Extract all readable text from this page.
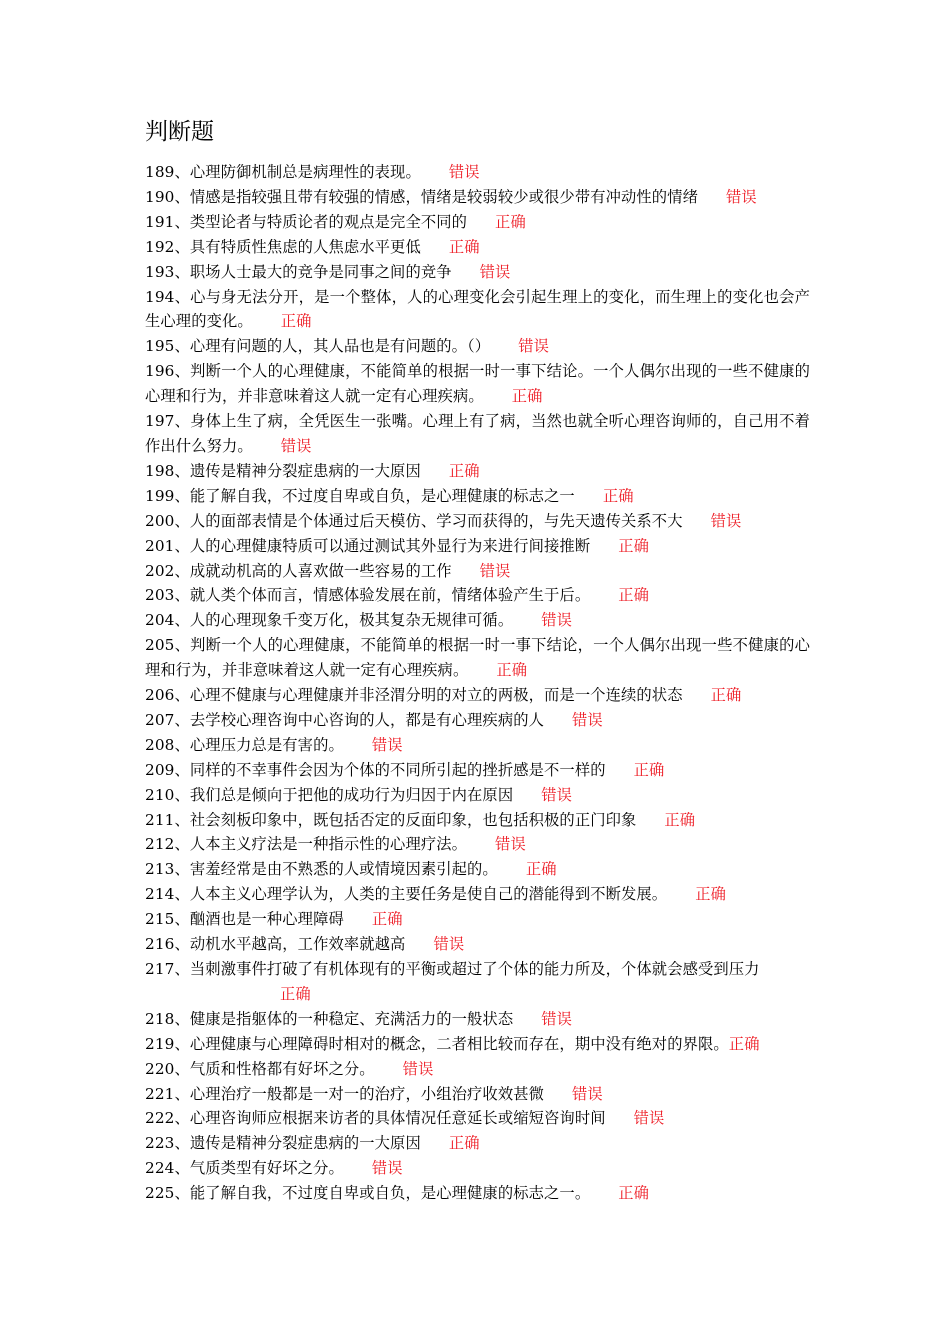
判断题
189、心理防御机制总是病理性的表现。 错误
190、情感是指较强且带有较强的情感，情绪是较弱较少或很少带有冲动性的情绪 错误
191、类型论者与特质论者的观点是完全不同的 正确
192、具有特质性焦虑的人焦虑水平更低 正确
193、职场人士最大的竞争是同事之间的竞争 错误
194、心与身无法分开，是一个整体，人的心理变化会引起生理上的变化，而生理上的变化也会产生心理的变化。 正确
195、心理有问题的人，其人品也是有问题的。（） 错误
196、判断一个人的心理健康，不能简单的根据一时一事下结论。一个人偶尔出现的一些不健康的心理和行为，并非意味着这人就一定有心理疾病。 正确
197、身体上生了病，全凭医生一张嘴。心理上有了病，当然也就全听心理咨询师的，自己用不着作出什么努力。 错误
198、遗传是精神分裂症患病的一大原因 正确
199、能了解自我，不过度自卑或自负，是心理健康的标志之一 正确
200、人的面部表情是个体通过后天模仿、学习而获得的，与先天遗传关系不大 错误
201、人的心理健康特质可以通过测试其外显行为来进行间接推断 正确
202、成就动机高的人喜欢做一些容易的工作 错误
203、就人类个体而言，情感体验发展在前，情绪体验产生于后。 正确
204、人的心理现象千变万化，极其复杂无规律可循。 错误
205、判断一个人的心理健康，不能简单的根据一时一事下结论，一个人偶尔出现一些不健康的心理和行为，并非意味着这人就一定有心理疾病。 正确
206、心理不健康与心理健康并非泾渭分明的对立的两极，而是一个连续的状态 正确
207、去学校心理咨询中心咨询的人，都是有心理疾病的人 错误
208、心理压力总是有害的。 错误
209、同样的不幸事件会因为个体的不同所引起的挫折感是不一样的 正确
210、我们总是倾向于把他的成功行为归因于内在原因 错误
211、社会刻板印象中，既包括否定的反面印象，也包括积极的正门印象 正确
212、人本主义疗法是一种指示性的心理疗法。 错误
213、害羞经常是由不熟悉的人或情境因素引起的。 正确
214、人本主义心理学认为，人类的主要任务是使自己的潜能得到不断发展。 正确
215、酗酒也是一种心理障碍 正确
216、动机水平越高，工作效率就越高 错误
217、当刺激事件打破了有机体现有的平衡或超过了个体的能力所及，个体就会感受到压力
正确
218、健康是指躯体的一种稳定、充满活力的一般状态 错误
219、心理健康与心理障碍时相对的概念，二者相比较而存在，期中没有绝对的界限。正确
220、气质和性格都有好坏之分。 错误
221、心理治疗一般都是一对一的治疗，小组治疗收效甚微 错误
222、心理咨询师应根据来访者的具体情况任意延长或缩短咨询时间 错误
223、遗传是精神分裂症患病的一大原因 正确
224、气质类型有好坏之分。 错误
225、能了解自我，不过度自卑或自负，是心理健康的标志之一。 正确
